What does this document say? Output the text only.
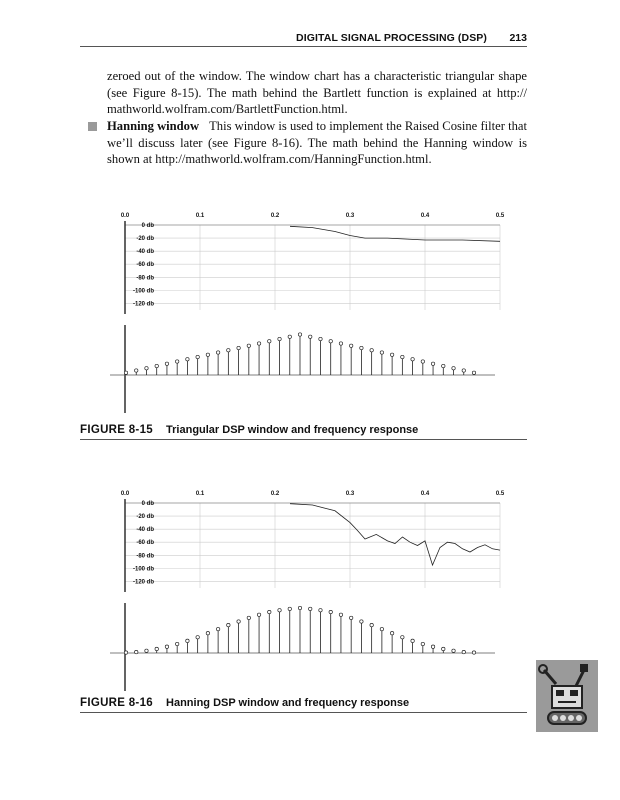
DIGITAL SIGNAL PROCESSING (DSP) 213
zeroed out of the window. The window chart has a characteristic triangular shape (see Figure 8-15). The math behind the Bartlett function is explained at http:// mathworld.wolfram.com/BartlettFunction.html.
Hanning window This window is used to implement the Raised Cosine filter that we’ll discuss later (see Figure 8-16). The math behind the Hanning window is shown at http://mathworld.wolfram.com/HanningFunction.html.
0.0	0.1	0.2	0.3	0.4	0.5
0 db
-20 db
-40 db
-60 db
-80 db
-100 db
-120 db
FIGURE 8-15 Triangular DSP window and frequency response
0.0	0.1	0.2	0.3	0.4	0.5
0 db
-20 db
-40 db
-60 db
-80 db
-100 db
-120 db
FIGURE 8-16 Hanning DSP window and frequency response
